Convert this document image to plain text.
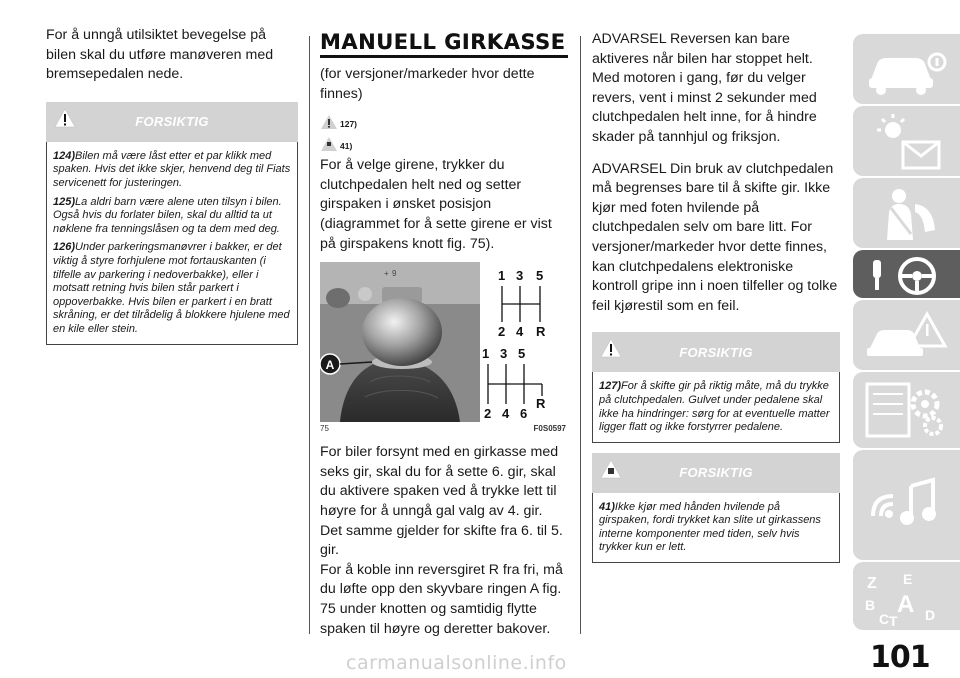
For å unngå utilsiktet bevegelse på bilen skal du utføre manøveren med bremsepedalen nede.

FORSIKTIG

124)Bilen må være låst etter et par klikk med spaken. Hvis det ikke skjer, henvend deg til Fiats servicenett for justeringen.

125)La aldri barn være alene uten tilsyn i bilen. Også hvis du forlater bilen, skal du alltid ta ut nøklene fra tenningslåsen og ta dem med deg.

126)Under parkeringsmanøvrer i bakker, er det viktig å styre forhjulene mot fortauskanten (i tilfelle av parkering i nedoverbakke), eller i motsatt retning hvis bilen står parkert i oppoverbakke. Hvis bilen er parkert i en bratt skråning, er det tilrådelig å blokkere hjulene med en kile eller stein.

MANUELL GIRKASSE

(for versjoner/markeder hvor dette finnes)

127)
41)

For å velge girene, trykker du clutchpedalen helt ned og setter girspaken i ønsket posisjon (diagrammet for å sette girene er vist på girspakens knott fig. 75).

+ 9
A
1 3 5
2 4 R
1 3 5
2 4 6
R
75	F0S0597

For biler forsynt med en girkasse med seks gir, skal du for å sette 6. gir, skal du aktivere spaken ved å trykke lett til høyre for å unngå gal valg av 4. gir. Det samme gjelder for skifte fra 6. til 5. gir.

For å koble inn reversgiret R fra fri, må du løfte opp den skyvbare ringen A fig. 75 under knotten og samtidig flytte spaken til høyre og deretter bakover.

ADVARSEL Reversen kan bare aktiveres når bilen har stoppet helt. Med motoren i gang, før du velger revers, vent i minst 2 sekunder med clutchpedalen helt inne, for å hindre skader på tannhjul og friksjon.

ADVARSEL Din bruk av clutchpedalen må begrenses bare til å skifte gir. Ikke kjør med foten hvilende på clutchpedalen selv om bare litt. For versjoner/markeder hvor dette finnes, kan clutchpedalens elektroniske kontroll gripe inn i noen tilfeller og tolke feil kjørestil som en feil.

FORSIKTIG

127)For å skifte gir på riktig måte, må du trykke på clutchpedalen. Gulvet under pedalene skal ikke ha hindringer: sørg for at eventuelle matter ligger flatt og ikke forstyrrer pedalene.

FORSIKTIG

41)Ikke kjør med hånden hvilende på girspaken, fordi trykket kan slite ut girkassens interne komponenter med tiden, selv hvis trykker kun er lett.

Z E
B A
C T D
101
carmanualsonline.info
